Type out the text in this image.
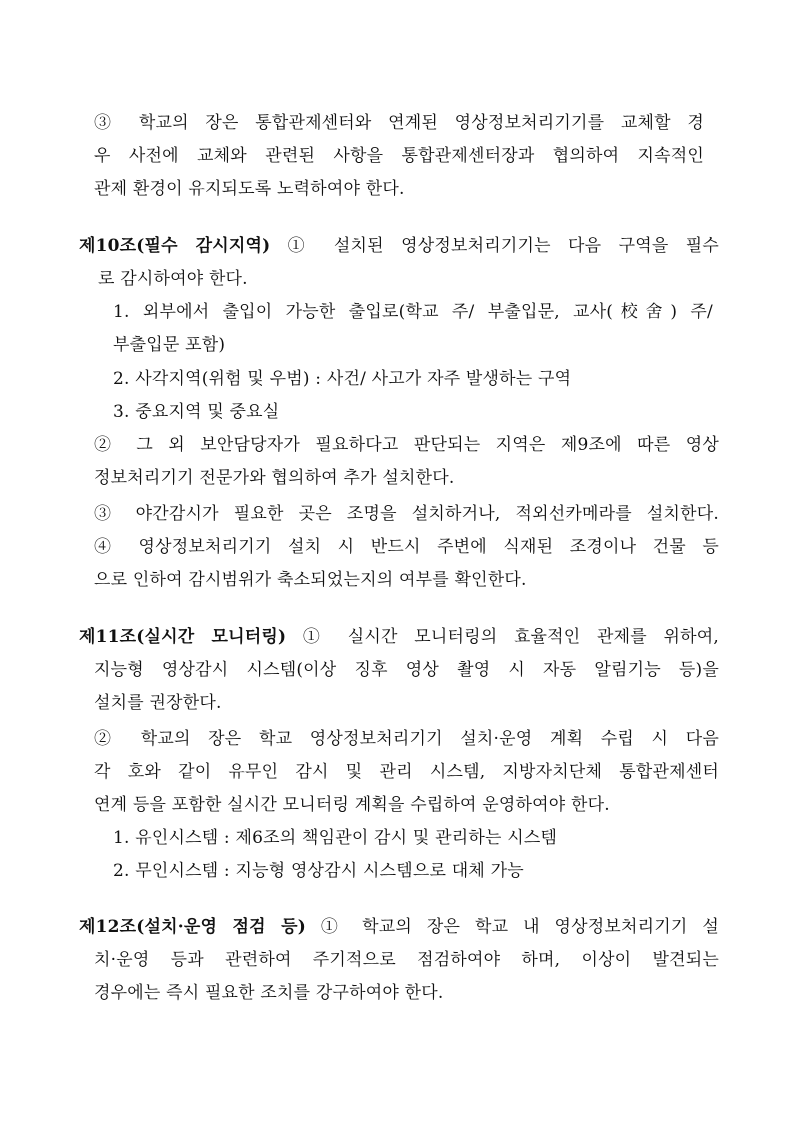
③ 학교의 장은 통합관제센터와 연계된 영상정보처리기기를 교체할 경
우 사전에 교체와 관련된 사항을 통합관제센터장과 협의하여 지속적인
관제 환경이 유지되도록 노력하여야 한다.
제10조(필수 감시지역) ① 설치된 영상정보처리기기는 다음 구역을 필수
로 감시하여야 한다.
1. 외부에서 출입이 가능한 출입로(학교 주/ 부출입문, 교사(校舍) 주/
부출입문 포함)
2. 사각지역(위험 및 우범) : 사건/ 사고가 자주 발생하는 구역
3. 중요지역 및 중요실
② 그 외 보안담당자가 필요하다고 판단되는 지역은 제9조에 따른 영상
정보처리기기 전문가와 협의하여 추가 설치한다.
③ 야간감시가 필요한 곳은 조명을 설치하거나, 적외선카메라를 설치한다.
④ 영상정보처리기기 설치 시 반드시 주변에 식재된 조경이나 건물 등
으로 인하여 감시범위가 축소되었는지의 여부를 확인한다.
제11조(실시간 모니터링) ① 실시간 모니터링의 효율적인 관제를 위하여,
지능형 영상감시 시스템(이상 징후 영상 촬영 시 자동 알림기능 등)을
설치를 권장한다.
② 학교의 장은 학교 영상정보처리기기 설치·운영 계획 수립 시 다음
각 호와 같이 유무인 감시 및 관리 시스템, 지방자치단체 통합관제센터
연계 등을 포함한 실시간 모니터링 계획을 수립하여 운영하여야 한다.
1. 유인시스템 : 제6조의 책임관이 감시 및 관리하는 시스템
2. 무인시스템 : 지능형 영상감시 시스템으로 대체 가능
제12조(설치·운영 점검 등) ① 학교의 장은 학교 내 영상정보처리기기 설
치·운영 등과 관련하여 주기적으로 점검하여야 하며, 이상이 발견되는
경우에는 즉시 필요한 조치를 강구하여야 한다.
